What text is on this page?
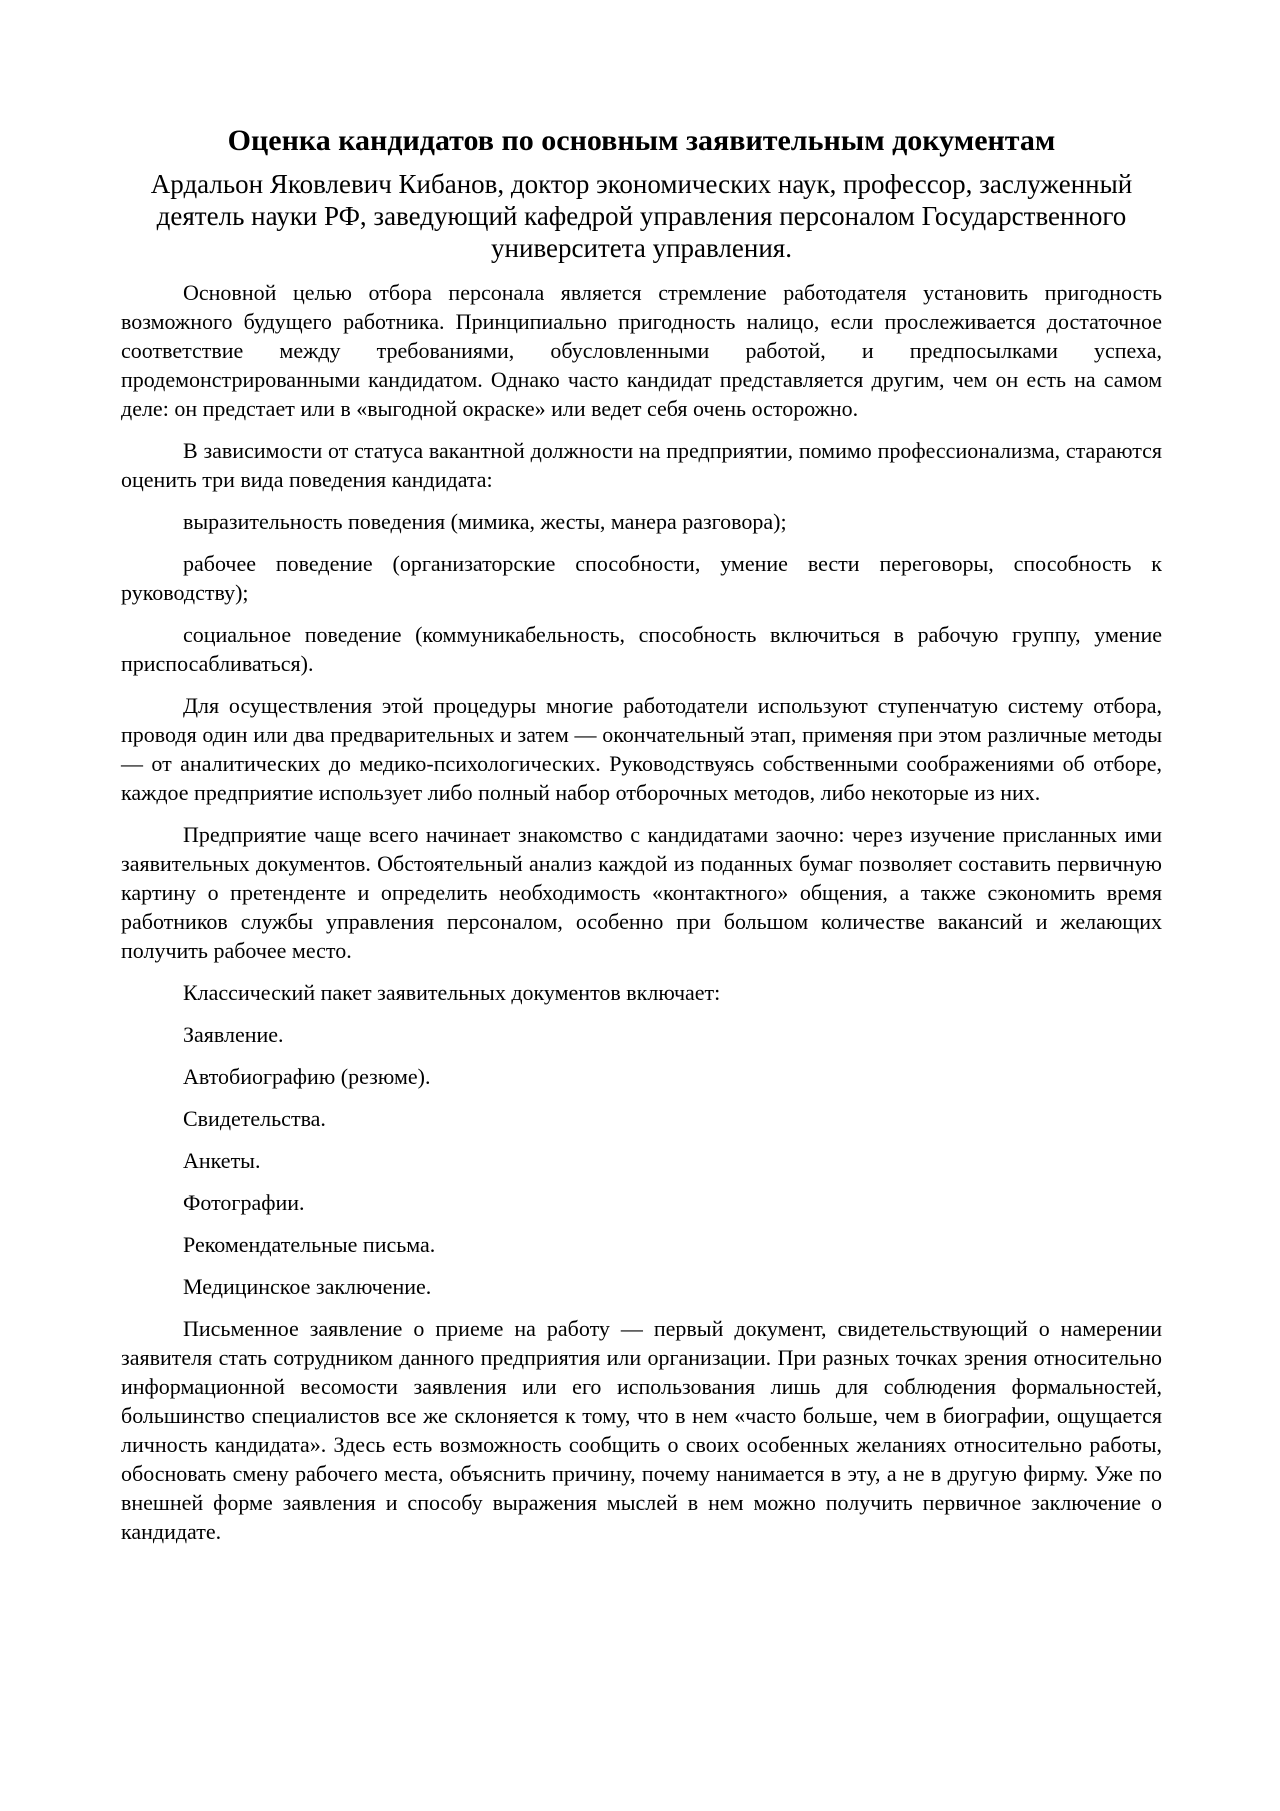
Оценка кандидатов по основным заявительным документам

Ардальон Яковлевич Кибанов, доктор экономических наук, профессор, заслуженный деятель науки РФ, заведующий кафедрой управления персоналом Государственного университета управления.

Основной целью отбора персонала является стремление работодателя установить пригодность возможного будущего работника. Принципиально пригодность налицо, если прослеживается достаточное соответствие между требованиями, обусловленными работой, и предпосылками успеха, продемонстрированными кандидатом. Однако часто кандидат представляется другим, чем он есть на самом деле: он предстает или в «выгодной окраске» или ведет себя очень осторожно.

В зависимости от статуса вакантной должности на предприятии, помимо профессионализма, стараются оценить три вида поведения кандидата:

выразительность поведения (мимика, жесты, манера разговора);

рабочее поведение (организаторские способности, умение вести переговоры, способность к руководству);

социальное поведение (коммуникабельность, способность включиться в рабочую группу, умение приспосабливаться).

Для осуществления этой процедуры многие работодатели используют ступенчатую систему отбора, проводя один или два предварительных и затем — окончательный этап, применяя при этом различные методы — от аналитических до медико-психологических. Руководствуясь собственными соображениями об отборе, каждое предприятие использует либо полный набор отборочных методов, либо некоторые из них.

Предприятие чаще всего начинает знакомство с кандидатами заочно: через изучение присланных ими заявительных документов. Обстоятельный анализ каждой из поданных бумаг позволяет составить первичную картину о претенденте и определить необходимость «контактного» общения, а также сэкономить время работников службы управления персоналом, особенно при большом количестве вакансий и желающих получить рабочее место.

Классический пакет заявительных документов включает:

Заявление.

Автобиографию (резюме).

Свидетельства.

Анкеты.

Фотографии.

Рекомендательные письма.

Медицинское заключение.

Письменное заявление о приеме на работу — первый документ, свидетельствующий о намерении заявителя стать сотрудником данного предприятия или организации. При разных точках зрения относительно информационной весомости заявления или его использования лишь для соблюдения формальностей, большинство специалистов все же склоняется к тому, что в нем «часто больше, чем в биографии, ощущается личность кандидата». Здесь есть возможность сообщить о своих особенных желаниях относительно работы, обосновать смену рабочего места, объяснить причину, почему нанимается в эту, а не в другую фирму. Уже по внешней форме заявления и способу выражения мыслей в нем можно получить первичное заключение о кандидате.
